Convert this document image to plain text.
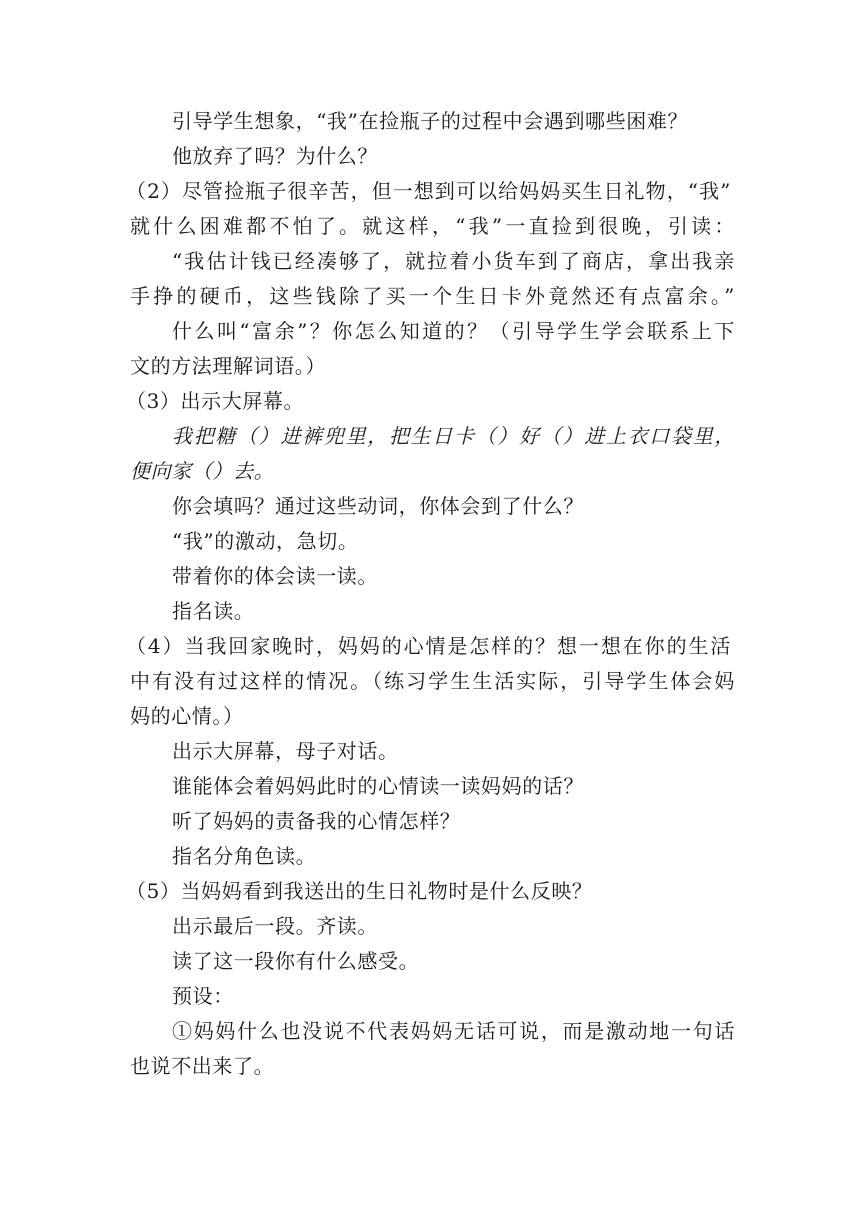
引导学生想象，“我”在捡瓶子的过程中会遇到哪些困难？
他放弃了吗？为什么？
（2）尽管捡瓶子很辛苦，但一想到可以给妈妈买生日礼物，“我”
就什么困难都不怕了。就这样，“我”一直捡到很晚，引读：
“我估计钱已经凑够了，就拉着小货车到了商店，拿出我亲
手挣的硬币，这些钱除了买一个生日卡外竟然还有点富余。”
什么叫“富余”？你怎么知道的？（引导学生学会联系上下
文的方法理解词语。）
（3）出示大屏幕。
我把糖（）进裤兜里，把生日卡（）好（）进上衣口袋里，
便向家（）去。
你会填吗？通过这些动词，你体会到了什么？
“我”的激动，急切。
带着你的体会读一读。
指名读。
（4）当我回家晚时，妈妈的心情是怎样的？想一想在你的生活
中有没有过这样的情况。（练习学生生活实际，引导学生体会妈
妈的心情。）
出示大屏幕，母子对话。
谁能体会着妈妈此时的心情读一读妈妈的话？
听了妈妈的责备我的心情怎样？
指名分角色读。
（5）当妈妈看到我送出的生日礼物时是什么反映？
出示最后一段。齐读。
读了这一段你有什么感受。
预设：
①妈妈什么也没说不代表妈妈无话可说，而是激动地一句话
也说不出来了。
